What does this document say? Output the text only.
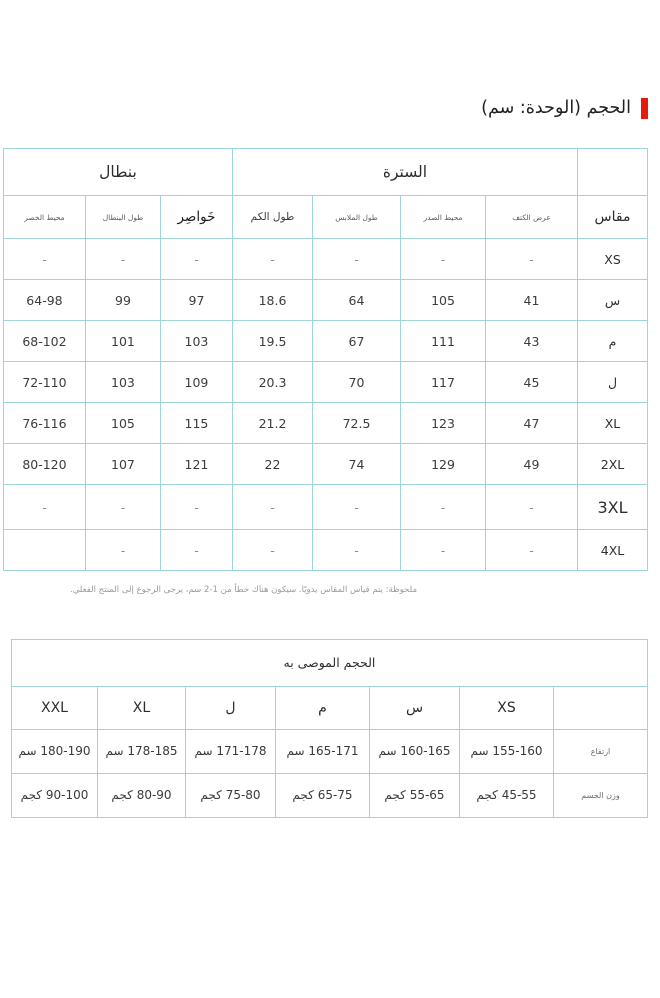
الحجم (الوحدة: سم)
	السترة				بنطال		
مقاس	عرض الكتف	محيط الصدر	طول الملابس	طول الكم	خَواصِر	طول البنطال	محيط الخصر
XS	-	-	-	-	-	-	-
س	41	105	64	18.6	97	99	64-98
م	43	111	67	19.5	103	101	68-102
ل	45	117	70	20.3	109	103	72-110
XL	47	123	72.5	21.2	115	105	76-116
2XL	49	129	74	22	121	107	80-120
3XL	-	-	-	-	-	-	-
4XL	-	-	-	-	-	-	
ملحوظة: يتم قياس المقاس يدويًا. سيكون هناك خطأ من 1-2 سم، يرجى الرجوع إلى المنتج الفعلي.
الحجم الموصى به						
	XS	س	م	ل	XL	XXL
ارتفاع	155-160 سم	160-165 سم	165-171 سم	171-178 سم	178-185 سم	180-190 سم
وزن الجسم	45-55 كجم	55-65 كجم	65-75 كجم	75-80 كجم	80-90 كجم	90-100 كجم
